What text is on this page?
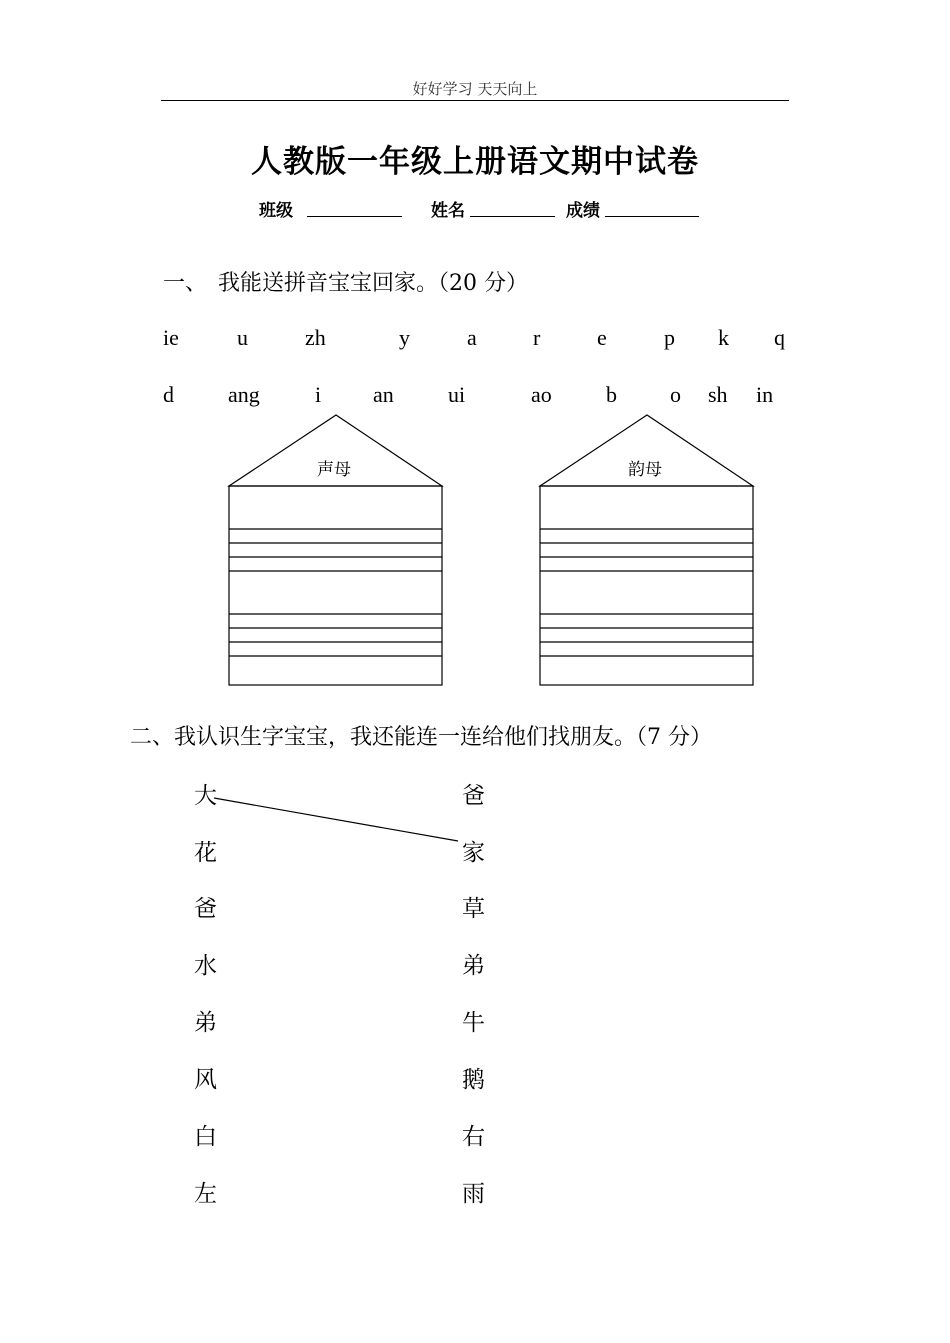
好好学习 天天向上
人教版一年级上册语文期中试卷
班级	姓名	成绩
一、　我能送拼音宝宝回家。（20 分）
ie	u	zh	y	a	r	e	p k q
d ang	i an ui	ao b o sh in
声母	韵母
二、我认识生字宝宝，我还能连一连给他们找朋友。（7 分）
大
花
爸
水
弟
风
白
左
爸
家
草
弟
牛
鹅
右
雨
